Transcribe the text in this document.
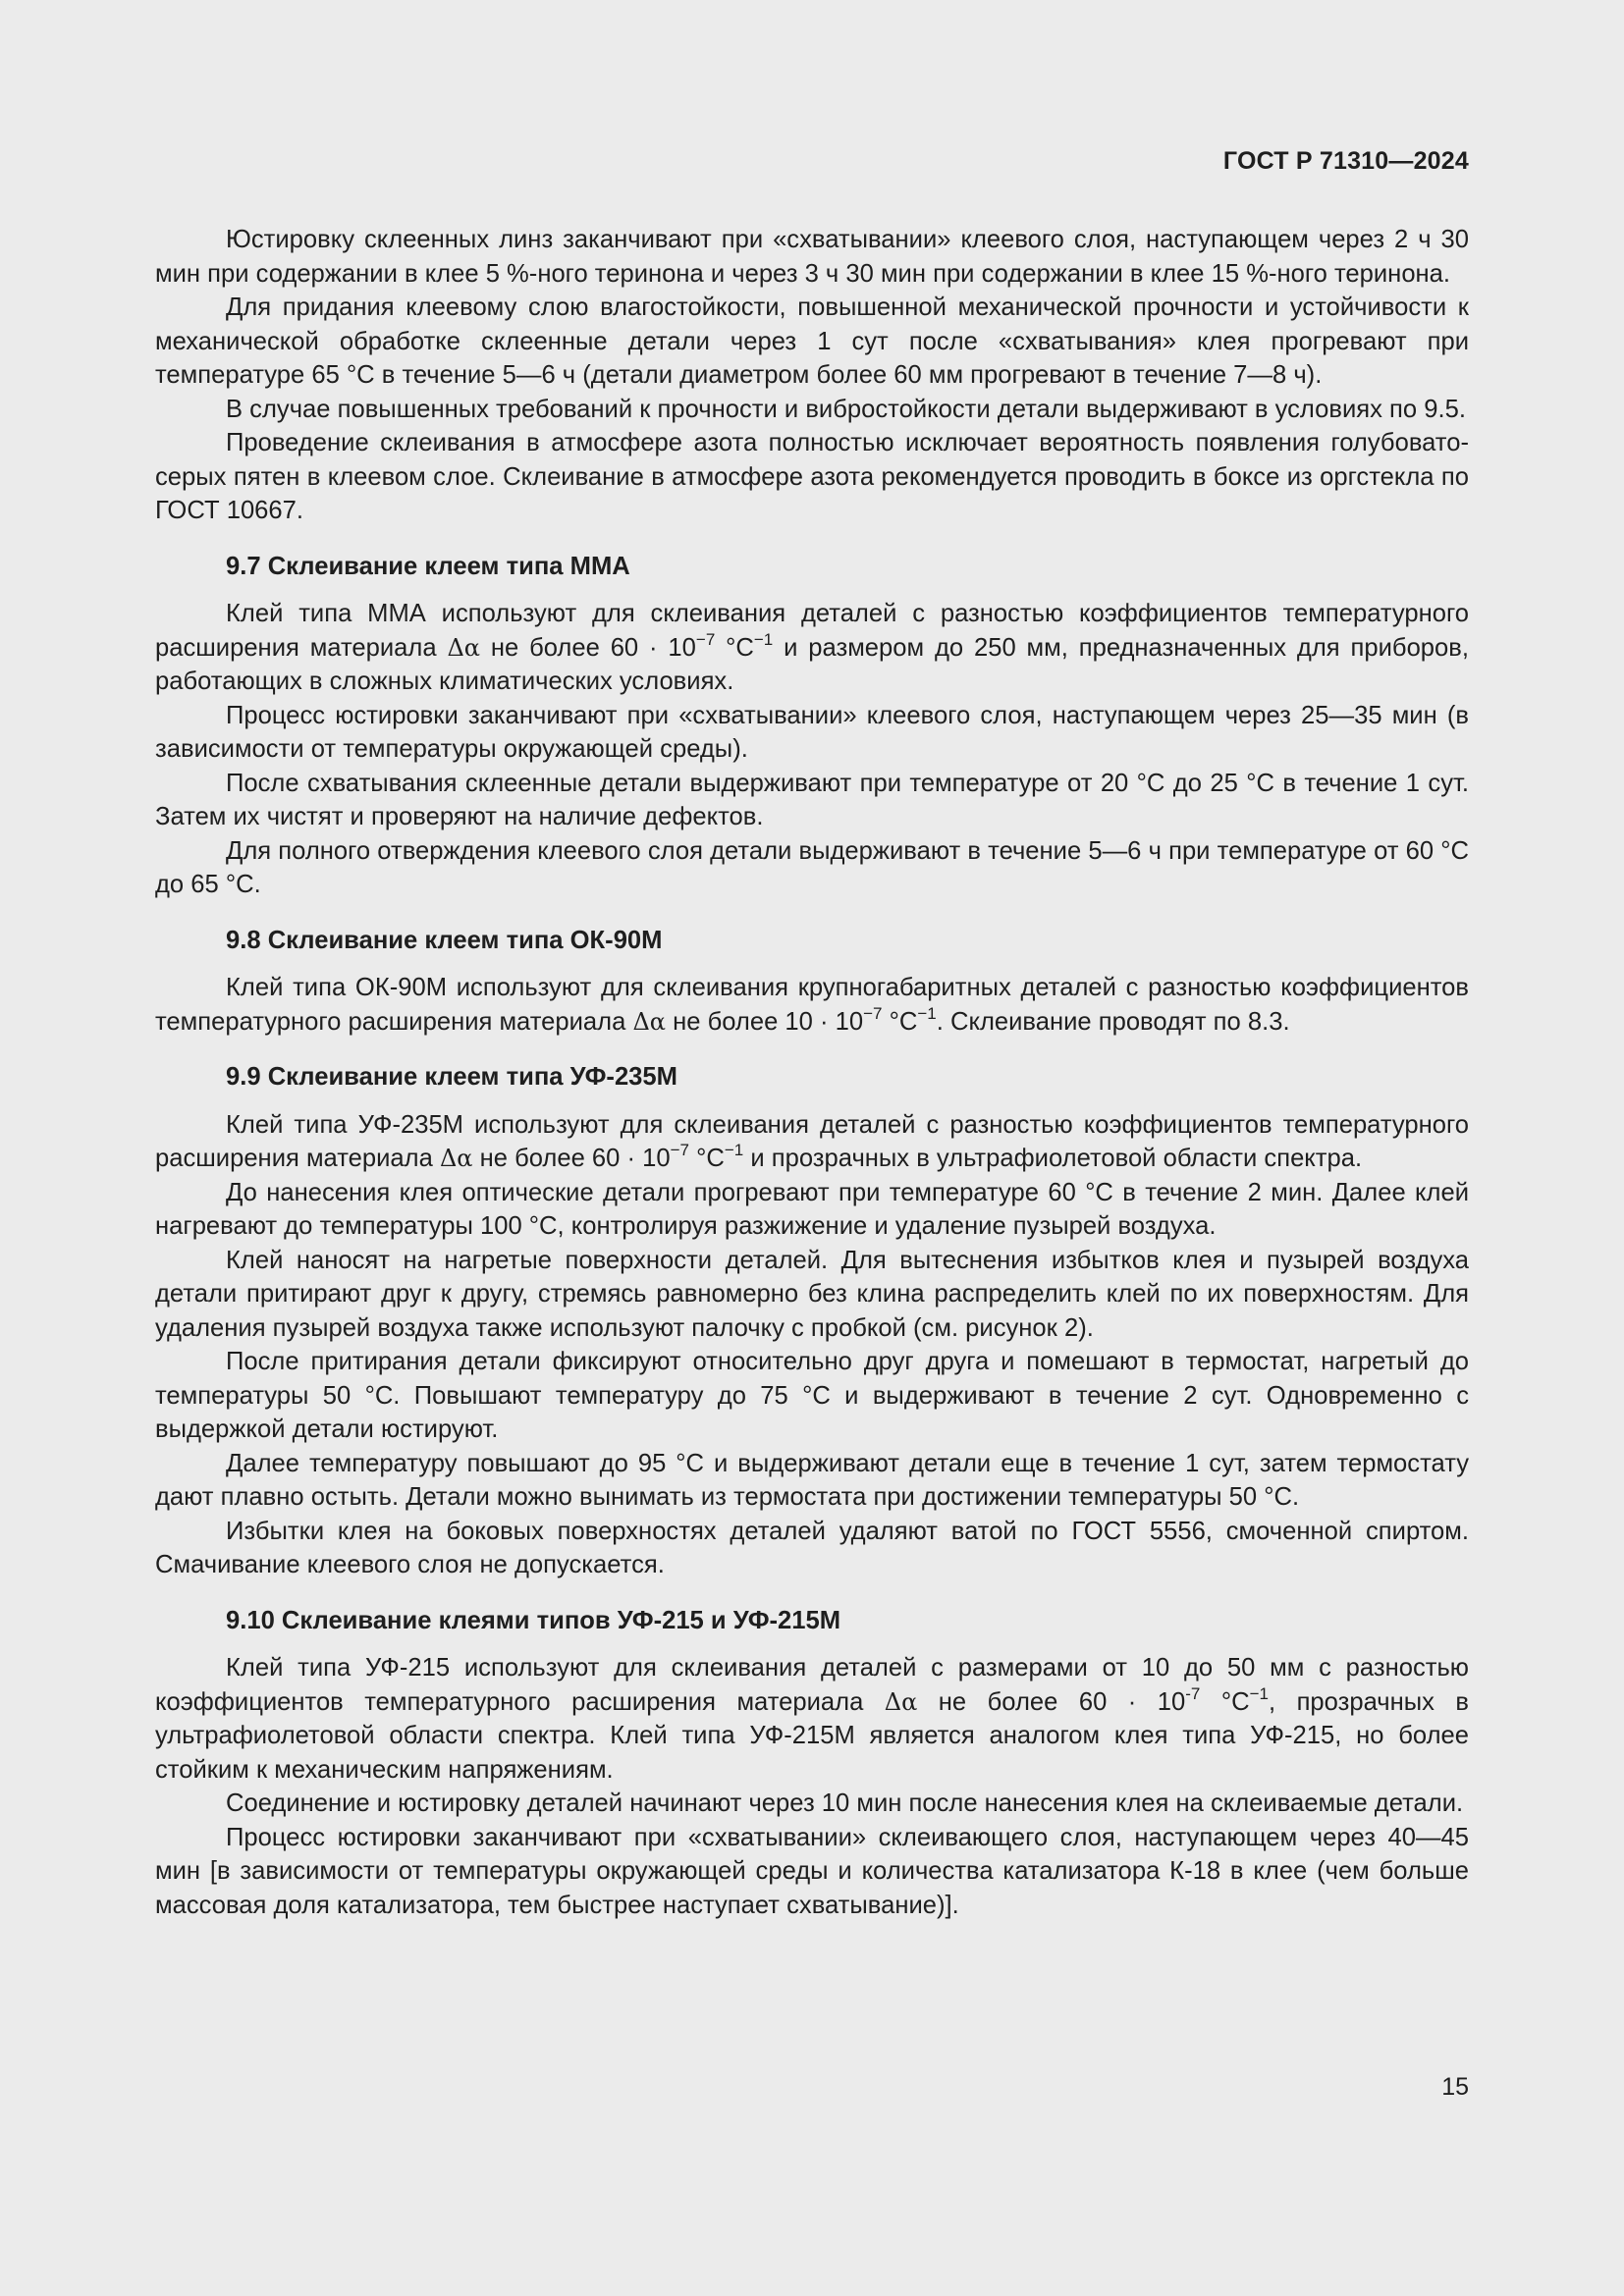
ГОСТ Р 71310—2024

Юстировку склеенных линз заканчивают при «схватывании» клеевого слоя, наступающем через 2 ч 30 мин при содержании в клее 5 %-ного теринона и через 3 ч 30 мин при содержании в клее 15 %-ного теринона.

Для придания клеевому слою влагостойкости, повышенной механической прочности и устойчивости к механической обработке склеенные детали через 1 сут после «схватывания» клея прогревают при температуре 65 °С в течение 5—6 ч (детали диаметром более 60 мм прогревают в течение 7—8 ч).

В случае повышенных требований к прочности и вибростойкости детали выдерживают в условиях по 9.5.

Проведение склеивания в атмосфере азота полностью исключает вероятность появления голубовато-серых пятен в клеевом слое. Склеивание в атмосфере азота рекомендуется проводить в боксе из оргстекла по ГОСТ 10667.

9.7 Склеивание клеем типа ММА

Клей типа ММА используют для склеивания деталей с разностью коэффициентов температурного расширения материала Δα не более $60 \cdot 10^{-7}$ $^\circ С^{-1}$ и размером до 250 мм, предназначенных для приборов, работающих в сложных климатических условиях.

Процесс юстировки заканчивают при «схватывании» клеевого слоя, наступающем через 25—35 мин (в зависимости от температуры окружающей среды).

После схватывания склеенные детали выдерживают при температуре от 20 °С до 25 °С в течение 1 сут. Затем их чистят и проверяют на наличие дефектов.

Для полного отверждения клеевого слоя детали выдерживают в течение 5—6 ч при температуре от 60 °С до 65 °С.

9.8 Склеивание клеем типа ОК-90М

Клей типа ОК-90М используют для склеивания крупногабаритных деталей с разностью коэффициентов температурного расширения материала Δα не более $10 \cdot 10^{-7}$ $^\circ С^{-1}$. Склеивание проводят по 8.3.

9.9 Склеивание клеем типа УФ-235М

Клей типа УФ-235М используют для склеивания деталей с разностью коэффициентов температурного расширения материала Δα не более $60 \cdot 10^{-7}$ $^\circ С^{-1}$ и прозрачных в ультрафиолетовой области спектра.

До нанесения клея оптические детали прогревают при температуре 60 °С в течение 2 мин. Далее клей нагревают до температуры 100 °С, контролируя разжижение и удаление пузырей воздуха.

Клей наносят на нагретые поверхности деталей. Для вытеснения избытков клея и пузырей воздуха детали притирают друг к другу, стремясь равномерно без клина распределить клей по их поверхностям. Для удаления пузырей воздуха также используют палочку с пробкой (см. рисунок 2).

После притирания детали фиксируют относительно друг друга и помешают в термостат, нагретый до температуры 50 °С. Повышают температуру до 75 °С и выдерживают в течение 2 сут. Одновременно с выдержкой детали юстируют.

Далее температуру повышают до 95 °С и выдерживают детали еще в течение 1 сут, затем термостату дают плавно остыть. Детали можно вынимать из термостата при достижении температуры 50 °С.

Избытки клея на боковых поверхностях деталей удаляют ватой по ГОСТ 5556, смоченной спиртом. Смачивание клеевого слоя не допускается.

9.10 Склеивание клеями типов УФ-215 и УФ-215М

Клей типа УФ-215 используют для склеивания деталей с размерами от 10 до 50 мм с разностью коэффициентов температурного расширения материала Δα не более $60 \cdot 10^{-7}$ $^\circ С^{-1}$, прозрачных в ультрафиолетовой области спектра. Клей типа УФ-215М является аналогом клея типа УФ-215, но более стойким к механическим напряжениям.

Соединение и юстировку деталей начинают через 10 мин после нанесения клея на склеиваемые детали.

Процесс юстировки заканчивают при «схватывании» склеивающего слоя, наступающем через 40—45 мин [в зависимости от температуры окружающей среды и количества катализатора К-18 в клее (чем больше массовая доля катализатора, тем быстрее наступает схватывание)].

15
